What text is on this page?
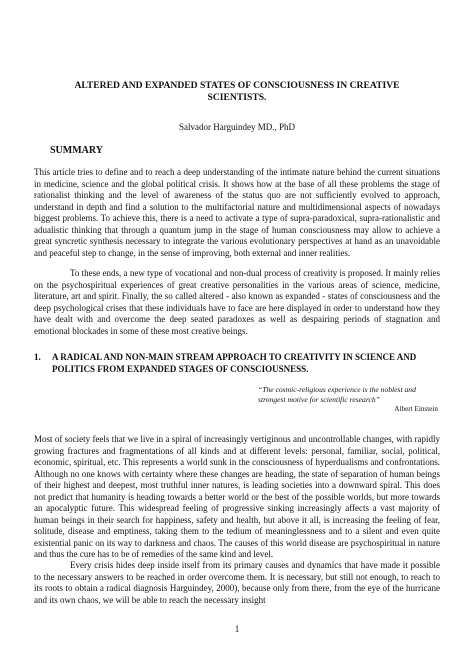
ALTERED AND EXPANDED STATES OF CONSCIOUSNESS IN CREATIVE SCIENTISTS.
Salvador Harguindey MD., PhD
SUMMARY

This article tries to define and to reach a deep understanding of the intimate nature behind the current situations in medicine, science and the global political crisis. It shows how at the base of all these problems the stage of rationalist thinking and the level of awareness of the status quo are not sufficiently evolved to approach, understand in depth and find a solution to the multifactorial nature and multidimensional aspects of nowadays biggest problems. To achieve this, there is a need to activate a type of supra-paradoxical, supra-rationalistic and adualistic thinking that through a quantum jump in the stage of human consciousness may allow to achieve a great syncretic synthesis necessary to integrate the various evolutionary perspectives at hand as an unavoidable and peaceful step to change, in the sense of improving, both external and inner realities.

To these ends, a new type of vocational and non-dual process of creativity is proposed. It mainly relies on the psychospiritual experiences of great creative personalities in the various areas of science, medicine, literature, art and spirit. Finally, the so called altered - also known as expanded - states of consciousness and the deep psychological crises that these individuals have to face are here displayed in order to understand how they have dealt with and overcome the deep seated paradoxes as well as despairing periods of stagnation and emotional blockades in some of these most creative beings.

1. A RADICAL AND NON-MAIN STREAM APPROACH TO CREATIVITY IN SCIENCE AND
POLITICS FROM EXPANDED STAGES OF CONSCIOUSNESS.
“The cosmic-religious experience is the noblest and strongest motive for scientific research”
Albert Einstein

Most of society feels that we live in a spiral of increasingly vertiginous and uncontrollable changes, with rapidly growing fractures and fragmentations of all kinds and at different levels: personal, familiar, social, political, economic, spiritual, etc. This represents a world sunk in the consciousness of hyperdualisms and confrontations. Although no one knows with certainty where these changes are heading, the state of separation of human beings of their highest and deepest, most truthful inner natures, is leading societies into a downward spiral. This does not predict that humanity is heading towards a better world or the best of the possible worlds, but more towards an apocalyptic future. This widespread feeling of progressive sinking increasingly affects a vast majority of human beings in their search for happiness, safety and health, but above it all, is increasing the feeling of fear, solitude, disease and emptiness, taking them to the tedium of meaninglessness and to a silent and even quite existential panic on its way to darkness and chaos. The causes of this world disease are psychospiritual in nature and thus the cure has to be of remedies of the same kind and level.

Every crisis hides deep inside itself from its primary causes and dynamics that have made it possible to the necessary answers to be reached in order overcome them. It is necessary, but still not enough, to reach to its roots to obtain a radical diagnosis Harguindey, 2000), because only from there, from the eye of the hurricane and its own chaos, we will be able to reach the necessary insight

1
